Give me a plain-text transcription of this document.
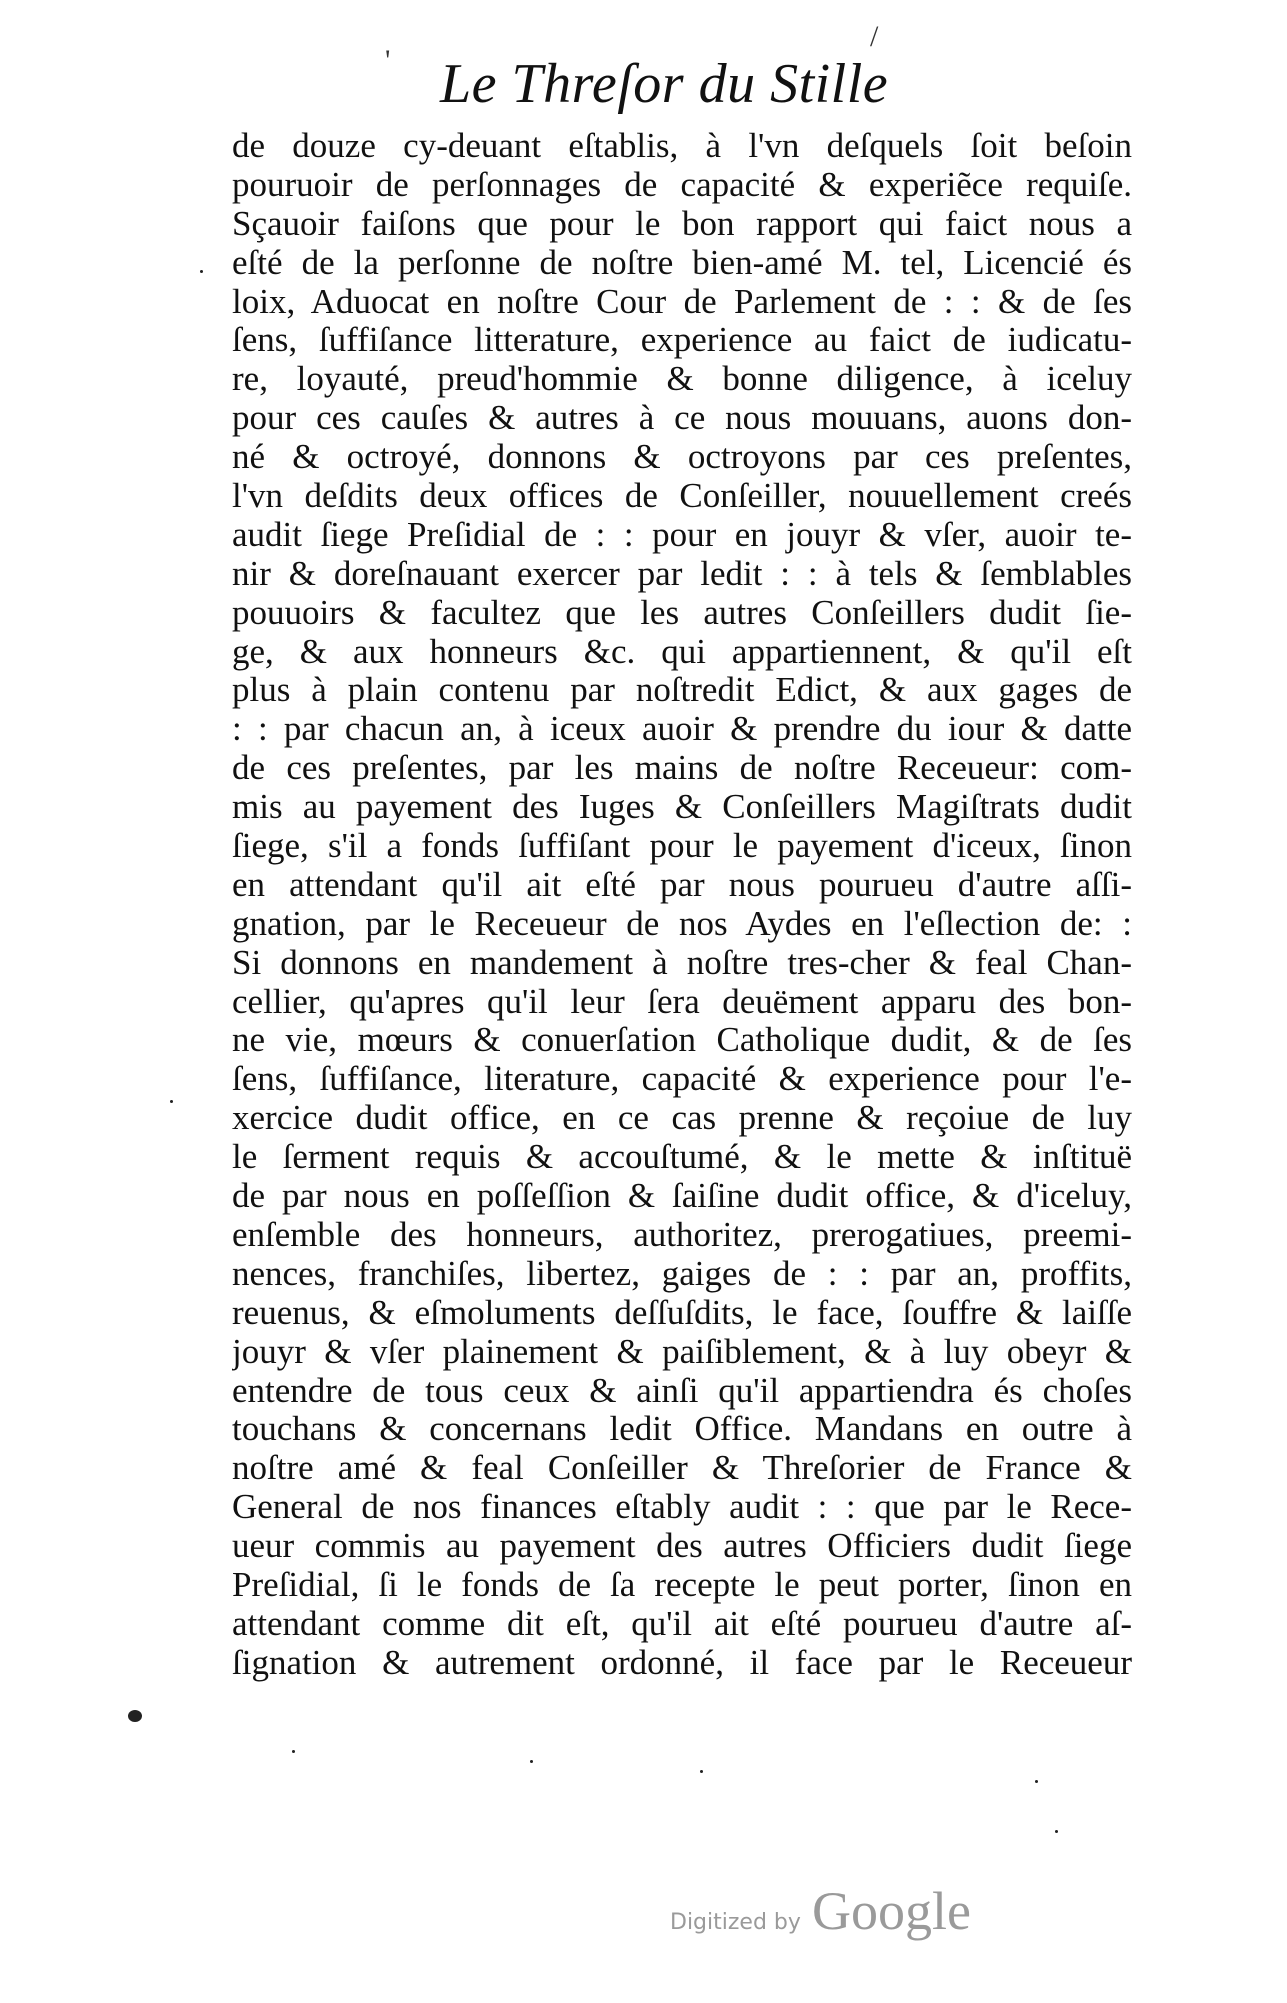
Le Threſor du Stille
de douze cy-deuant eſtablis, à l'vn deſquels ſoit beſoin
pouruoir de perſonnages de capacité & experiẽce requiſe.
Sçauoir faiſons que pour le bon rapport qui faict nous a
eſté de la perſonne de noſtre bien-amé M. tel, Licencié és
loix, Aduocat en noſtre Cour de Parlement de : : & de ſes
ſens, ſuffiſance litterature, experience au faict de iudicatu-
re, loyauté, preud'hommie & bonne diligence, à iceluy
pour ces cauſes & autres à ce nous mouuans, auons don-
né & octroyé, donnons & octroyons par ces preſentes,
l'vn deſdits deux offices de Conſeiller, nouuellement creés
audit ſiege Preſidial de : : pour en jouyr & vſer, auoir te-
nir & doreſnauant exercer par ledit : : à tels & ſemblables
pouuoirs & facultez que les autres Conſeillers dudit ſie-
ge, & aux honneurs &c. qui appartiennent, & qu'il eſt
plus à plain contenu par noſtredit Edict, & aux gages de
: : par chacun an, à iceux auoir & prendre du iour & datte
de ces preſentes, par les mains de noſtre Receueur: com-
mis au payement des Iuges & Conſeillers Magiſtrats dudit
ſiege, s'il a fonds ſuffiſant pour le payement d'iceux, ſinon
en attendant qu'il ait eſté par nous pourueu d'autre aſſi-
gnation, par le Receueur de nos Aydes en l'eſlection de: :
Si donnons en mandement à noſtre tres-cher & feal Chan-
cellier, qu'apres qu'il leur ſera deuëment apparu des bon-
ne vie, mœurs & conuerſation Catholique dudit, & de ſes
ſens, ſuffiſance, literature, capacité & experience pour l'e-
xercice dudit office, en ce cas prenne & reçoiue de luy
le ſerment requis & accouſtumé, & le mette & inſtituë
de par nous en poſſeſſion & ſaiſine dudit office, & d'iceluy,
enſemble des honneurs, authoritez, prerogatiues, preemi-
nences, franchiſes, libertez, gaiges de : : par an, proffits,
reuenus, & eſmoluments deſſuſdits, le face, ſouffre & laiſſe
jouyr & vſer plainement & paiſiblement, & à luy obeyr &
entendre de tous ceux & ainſi qu'il appartiendra és choſes
touchans & concernans ledit Office. Mandans en outre à
noſtre amé & feal Conſeiller & Threſorier de France &
General de nos finances eſtably audit : : que par le Rece-
ueur commis au payement des autres Officiers dudit ſiege
Preſidial, ſi le fonds de ſa recepte le peut porter, ſinon en
attendant comme dit eſt, qu'il ait eſté pourueu d'autre aſ-
ſignation & autrement ordonné, il face par le Receueur
'
/
Digitized by Google
